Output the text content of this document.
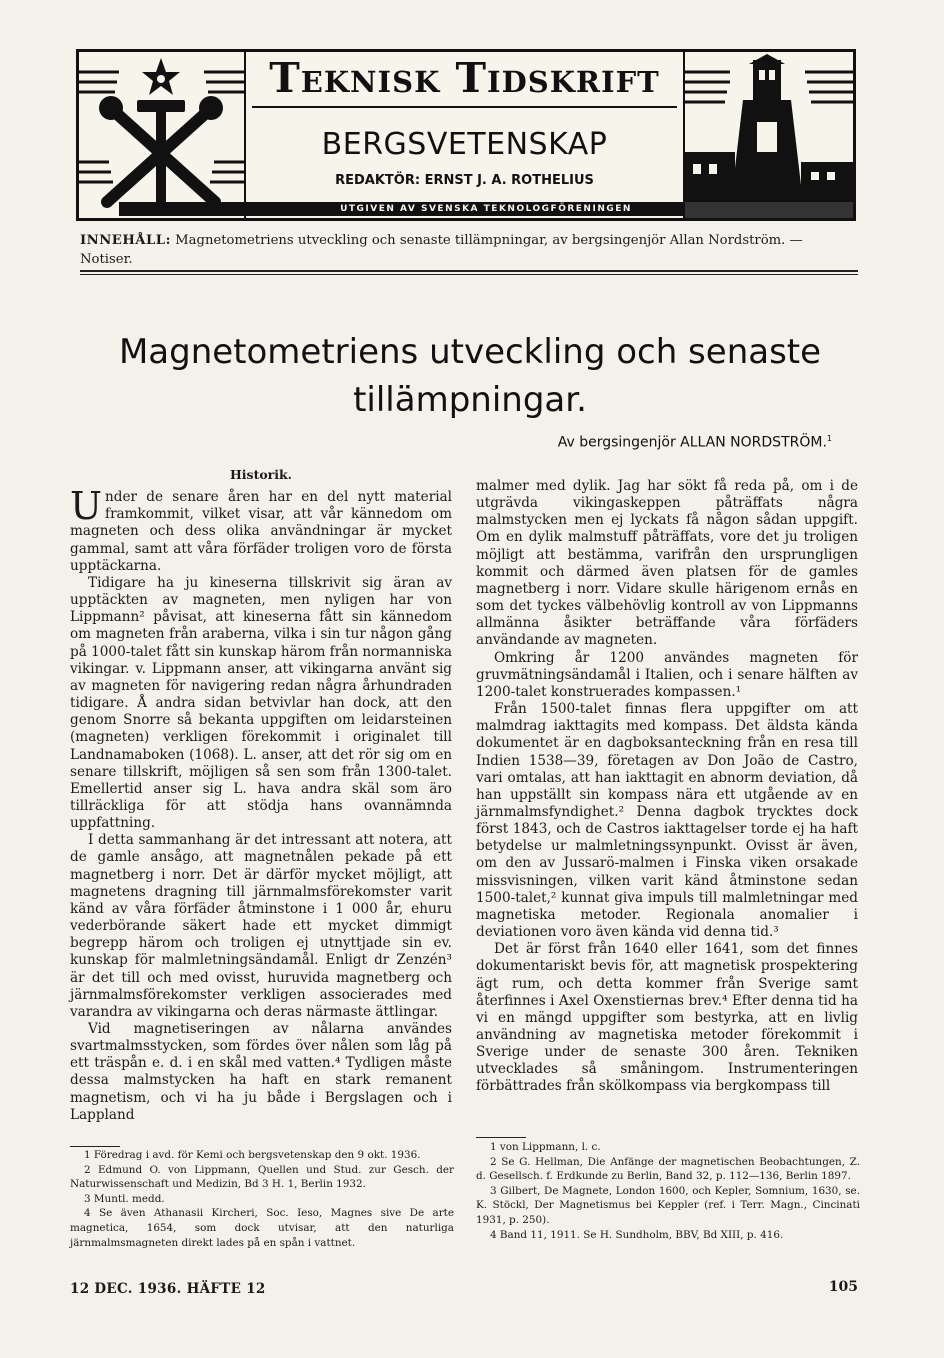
Teknisk Tidskrift
BERGSVETENSKAP
REDAKTÖR: ERNST J. A. ROTHELIUS
UTGIVEN AV SVENSKA TEKNOLOGFÖRENINGEN
INNEHÅLL: Magnetometriens utveckling och senaste tillämpningar, av bergsingenjör Allan Nordström. — Notiser.
Magnetometriens utveckling och senaste tillämpningar.
Av bergsingenjör ALLAN NORDSTRÖM.$^1$
Historik.

Under de senare åren har en del nytt material framkommit, vilket visar, att vår kännedom om magneten och dess olika användningar är mycket gammal, samt att våra förfäder troligen voro de första upptäckarna.

Tidigare ha ju kineserna tillskrivit sig äran av upptäckten av magneten, men nyligen har von Lippmann² påvisat, att kineserna fått sin kännedom om magneten från araberna, vilka i sin tur någon gång på 1000-talet fått sin kunskap härom från normanniska vikingar. v. Lippmann anser, att vikingarna använt sig av magneten för navigering redan några århundraden tidigare. Å andra sidan betvivlar han dock, att den genom Snorre så bekanta uppgiften om leidarsteinen (magneten) verkligen förekommit i originalet till Landnamaboken (1068). L. anser, att det rör sig om en senare tillskrift, möjligen så sen som från 1300-talet. Emellertid anser sig L. hava andra skäl som äro tillräckliga för att stödja hans ovannämnda uppfattning.

I detta sammanhang är det intressant att notera, att de gamle ansågo, att magnetnålen pekade på ett magnetberg i norr. Det är därför mycket möjligt, att magnetens dragning till järnmalmsförekomster varit känd av våra förfäder åtminstone i 1 000 år, ehuru vederbörande säkert hade ett mycket dimmigt begrepp härom och troligen ej utnyttjade sin ev. kunskap för malmletningsändamål. Enligt dr Zenzén³ är det till och med ovisst, huruvida magnetberg och järnmalmsförekomster verkligen associerades med varandra av vikingarna och deras närmaste ättlingar.

Vid magnetiseringen av nålarna användes svartmalmsstycken, som fördes över nålen som låg på ett träspån e. d. i en skål med vatten.⁴ Tydligen måste dessa malmstycken ha haft en stark remanent magnetism, och vi ha ju både i Bergslagen och i Lappland

malmer med dylik. Jag har sökt få reda på, om i de utgrävda vikingaskeppen påträffats några malmstycken men ej lyckats få någon sådan uppgift. Om en dylik malmstuff påträffats, vore det ju troligen möjligt att bestämma, varifrån den ursprungligen kommit och därmed även platsen för de gamles magnetberg i norr. Vidare skulle härigenom ernås en som det tyckes välbehövlig kontroll av von Lippmanns allmänna åsikter beträffande våra förfäders användande av magneten.

Omkring år 1200 användes magneten för gruvmätningsändamål i Italien, och i senare hälften av 1200-talet konstruerades kompassen.¹

Från 1500-talet finnas flera uppgifter om att malmdrag iakttagits med kompass. Det äldsta kända dokumentet är en dagboksanteckning från en resa till Indien 1538—39, företagen av Don João de Castro, vari omtalas, att han iakttagit en abnorm deviation, då han uppställt sin kompass nära ett utgående av en järnmalmsfyndighet.² Denna dagbok trycktes dock först 1843, och de Castros iakttagelser torde ej ha haft betydelse ur malmletningssynpunkt. Ovisst är även, om den av Jussarö-malmen i Finska viken orsakade missvisningen, vilken varit känd åtminstone sedan 1500-talet,² kunnat giva impuls till malmletningar med magnetiska metoder. Regionala anomalier i deviationen voro även kända vid denna tid.³

Det är först från 1640 eller 1641, som det finnes dokumentariskt bevis för, att magnetisk prospektering ägt rum, och detta kommer från Sverige samt återfinnes i Axel Oxenstiernas brev.⁴ Efter denna tid ha vi en mängd uppgifter som bestyrka, att en livlig användning av magnetiska metoder förekommit i Sverige under de senaste 300 åren. Tekniken utvecklades så småningom. Instrumenteringen förbättrades från skölkompass via bergkompass till

1 Föredrag i avd. för Kemi och bergsvetenskap den 9 okt. 1936.

2 Edmund O. von Lippmann, Quellen und Stud. zur Gesch. der Naturwissenschaft und Medizin, Bd 3 H. 1, Berlin 1932.

3 Muntl. medd.

4 Se även Athanasii Kircheri, Soc. Ieso, Magnes sive De arte magnetica, 1654, som dock utvisar, att den naturliga järnmalmsmagneten direkt lades på en spån i vattnet.

1 von Lippmann, l. c.

2 Se G. Hellman, Die Anfänge der magnetischen Beobachtungen, Z. d. Gesellsch. f. Erdkunde zu Berlin, Band 32, p. 112—136, Berlin 1897.

3 Gilbert, De Magnete, London 1600, och Kepler, Somnium, 1630, se. K. Stöckl, Der Magnetismus bei Keppler (ref. i Terr. Magn., Cincinati 1931, p. 250).

4 Band 11, 1911. Se H. Sundholm, BBV, Bd XIII, p. 416.

12 DEC. 1936. HÄFTE 12	105
